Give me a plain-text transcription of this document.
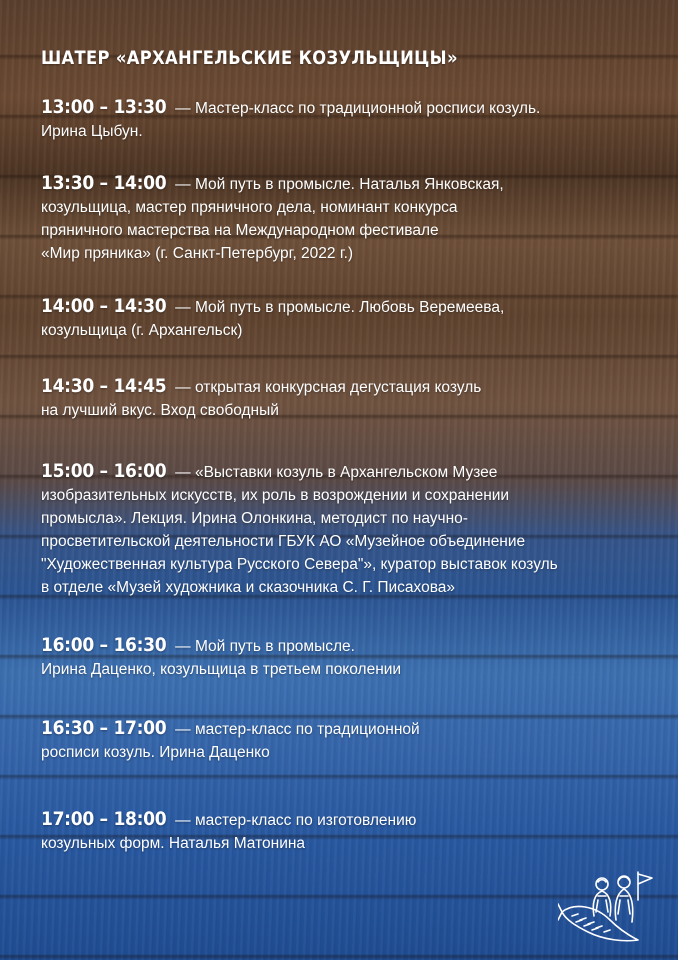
ШАТЕР «АРХАНГЕЛЬСКИЕ КОЗУЛЬЩИЦЫ»
13:00 – 13:30 — Мастер-класс по традиционной росписи козуль.
Ирина Цыбун.
13:30 – 14:00 — Мой путь в промысле. Наталья Янковская,
козульщица, мастер пряничного дела, номинант конкурса
пряничного мастерства на Международном фестивале
«Мир пряника» (г. Санкт-Петербург, 2022 г.)
14:00 – 14:30 — Мой путь в промысле. Любовь Веремеева,
козульщица (г. Архангельск)
14:30 – 14:45 — открытая конкурсная дегустация козуль
на лучший вкус. Вход свободный
15:00 – 16:00 — «Выставки козуль в Архангельском Музее
изобразительных искусств, их роль в возрождении и сохранении
промысла». Лекция. Ирина Олонкина, методист по научно-
просветительской деятельности ГБУК АО «Музейное объединение
"Художественная культура Русского Севера"», куратор выставок козуль
в отделе «Музей художника и сказочника С. Г. Писахова»
16:00 – 16:30 — Мой путь в промысле.
Ирина Даценко, козульщица в третьем поколении
16:30 – 17:00 — мастер-класс по традиционной
росписи козуль. Ирина Даценко
17:00 – 18:00 — мастер-класс по изготовлению
козульных форм. Наталья Матонина
